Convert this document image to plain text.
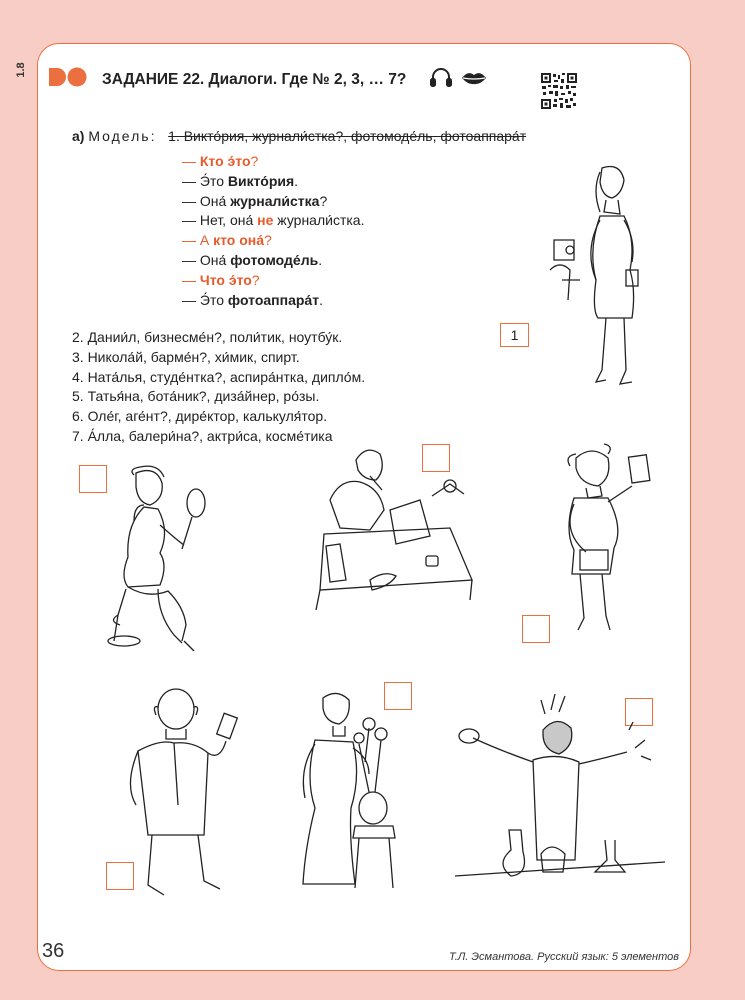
1.8
ЗАДАНИЕ 22. Диалоги. Где № 2, 3, … 7?
а) Модель: 1. Викто́рия, журнали́стка?, фотомоде́ль, фотоаппара́т
— Кто э́то?
— Э́то Викто́рия.
— Она́ журнали́стка?
— Нет, она́ не журнали́стка.
— А кто она́?
— Она́ фотомоде́ль.
— Что э́то?
— Э́то фотоаппара́т.
2. Дании́л, бизнесме́н?, поли́тик, ноутбу́к.
3. Никола́й, барме́н?, хи́мик, спирт.
4. Ната́лья, студе́нтка?, аспира́нтка, дипло́м.
5. Татья́на, бота́ник?, диза́йнер, ро́зы.
6. Оле́г, аге́нт?, дире́ктор, калькуля́тор.
7. А́лла, балери́на?, актри́са, косме́тика
1
36	Т.Л. Эсмантова. Русский язык: 5 элементов
